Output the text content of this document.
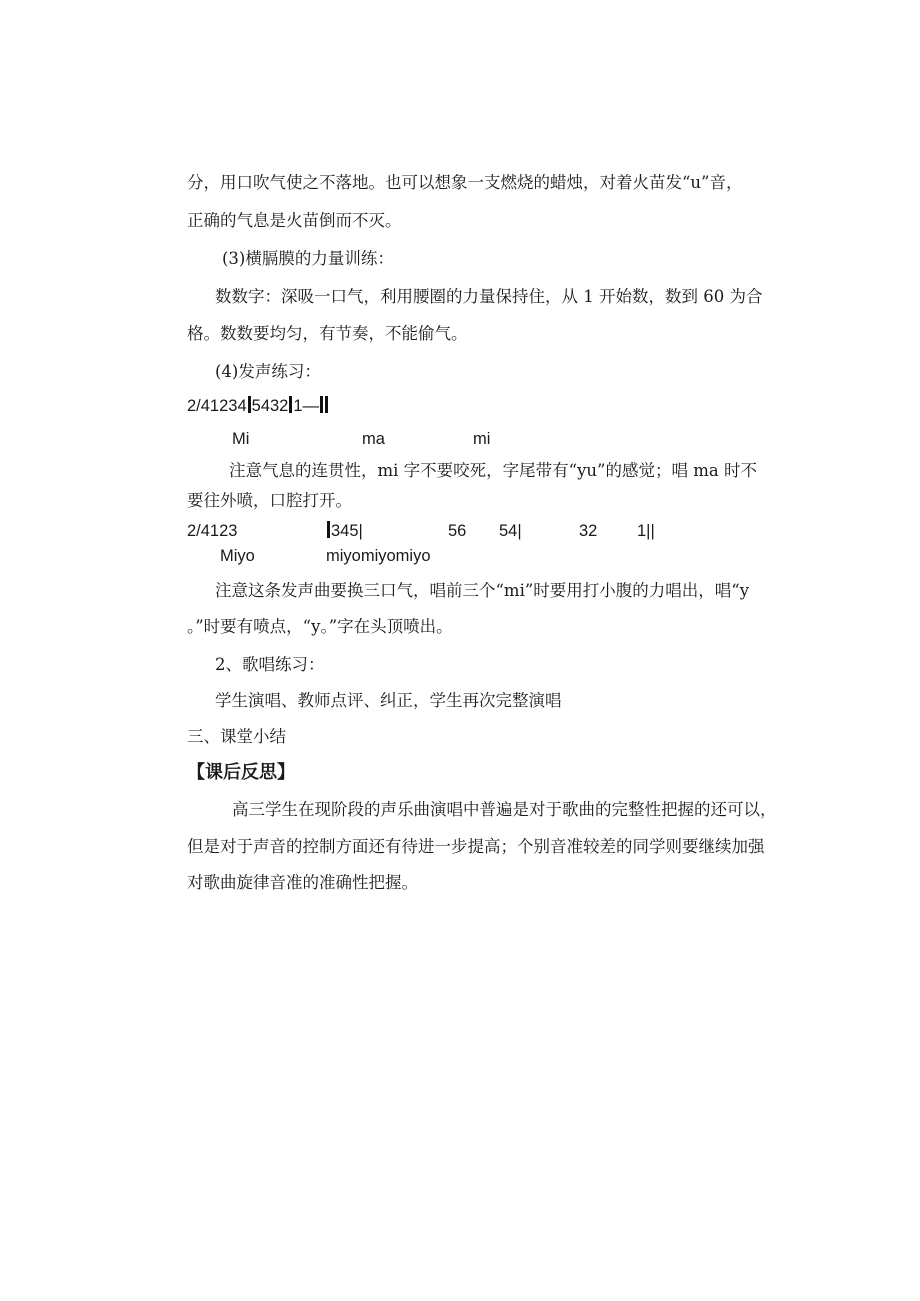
分，用口吹气使之不落地。也可以想象一支燃烧的蜡烛，对着火苗发“u”音，
正确的气息是火苗倒而不灭。
(3)横膈膜的力量训练：
数数字：深吸一口气，利用腰圈的力量保持住，从 1 开始数，数到 60 为合
格。数数要均匀，有节奏，不能偷气。
(4)发声练习：
2/41234 5432 1—
Mi	ma	mi
注意气息的连贯性，mi 字不要咬死，字尾带有“yu”的感觉；唱 ma 时不
要往外喷，口腔打开。
2/4123	345|	56 54|	32 1||
Miyo	miyomiyomiyo
注意这条发声曲要换三口气，唱前三个“mi”时要用打小腹的力唱出，唱“y
。”时要有喷点，“y。”字在头顶喷出。
2、歌唱练习：
学生演唱、教师点评、纠正，学生再次完整演唱
三、课堂小结
【课后反思】
高三学生在现阶段的声乐曲演唱中普遍是对于歌曲的完整性把握的还可以，
但是对于声音的控制方面还有待进一步提高；个别音准较差的同学则要继续加强
对歌曲旋律音准的准确性把握。
